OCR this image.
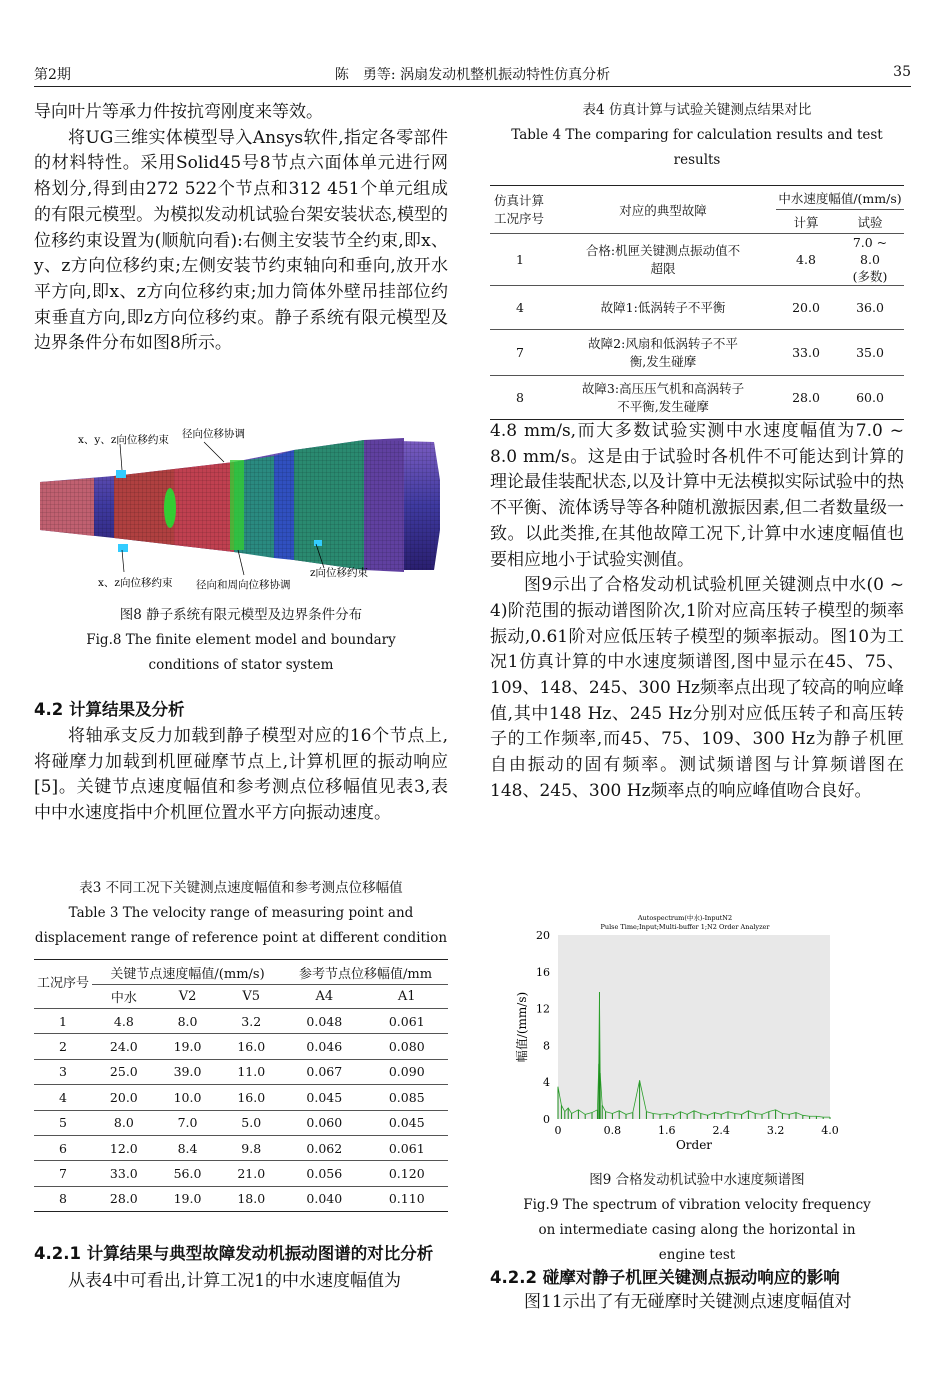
第2期	陈　勇等: 涡扇发动机整机振动特性仿真分析	35

导向叶片等承力件按抗弯刚度来等效。

将UG三维实体模型导入Ansys软件,指定各零部件的材料特性。采用Solid45号8节点六面体单元进行网格划分,得到由272 522个节点和312 451个单元组成的有限元模型。为模拟发动机试验台架安装状态,模型的位移约束设置为(顺航向看):右侧主安装节全约束,即x、y、z方向位移约束;左侧安装节约束轴向和垂向,放开水平方向,即x、z方向位移约束;加力筒体外壁吊挂部位约束垂直方向,即z方向位移约束。静子系统有限元模型及边界条件分布如图8所示。

x、y、z向位移约束 径向位移协调
x、z向位移约束 径向和周向位移协调
z向位移约束

图8 静子系统有限元模型及边界条件分布

Fig.8 The finite element model and boundary conditions of stator system

4.2 计算结果及分析

将轴承支反力加载到静子模型对应的16个节点上,将碰摩力加载到机匣碰摩节点上,计算机匣的振动响应[5]。关键节点速度幅值和参考测点位移幅值见表3,表中中水速度指中介机匣位置水平方向振动速度。

表3 不同工况下关键测点速度幅值和参考测点位移幅值

Table 3 The velocity range of measuring point and displacement range of reference point at different condition

工况序号	关键节点速度幅值/(mm/s)			参考节点位移幅值/mm	
	中水	V2	V5	A4	A1
1	4.8	8.0	3.2	0.048	0.061
2	24.0	19.0	16.0	0.046	0.080
3	25.0	39.0	11.0	0.067	0.090
4	20.0	10.0	16.0	0.045	0.085
5	8.0	7.0	5.0	0.060	0.045
6	12.0	8.4	9.8	0.062	0.061
7	33.0	56.0	21.0	0.056	0.120
8	28.0	19.0	18.0	0.040	0.110

4.2.1 计算结果与典型故障发动机振动图谱的对比分析

从表4中可看出,计算工况1的中水速度幅值为

表4 仿真计算与试验关键测点结果对比

Table 4 The comparing for calculation results and test results

仿真计算工况序号	对应的典型故障	中水速度幅值/(mm/s)	
		计算	试验
1	合格:机匣关键测点振动值不超限	4.8	7.0 ~ 8.0 (多数)
4	故障1:低涡转子不平衡	20.0	36.0
7	故障2:风扇和低涡转子不平衡,发生碰摩	33.0	35.0
8	故障3:高压压气机和高涡转子不平衡,发生碰摩	28.0	60.0

4.8 mm/s,而大多数试验实测中水速度幅值为7.0 ~ 8.0 mm/s。这是由于试验时各机件不可能达到计算的理论最佳装配状态,以及计算中无法模拟实际试验中的热不平衡、流体诱导等各种随机激振因素,但二者数量级一致。以此类推,在其他故障工况下,计算中水速度幅值也要相应地小于试验实测值。

图9示出了合格发动机试验机匣关键测点中水(0 ~ 4)阶范围的振动谱图阶次,1阶对应高压转子模型的频率振动,0.61阶对应低压转子模型的频率振动。图10为工况1仿真计算的中水速度频谱图,图中显示在45、75、109、148、245、300 Hz频率点出现了较高的响应峰值,其中148 Hz、245 Hz分别对应低压转子和高压转子的工作频率,而45、75、109、300 Hz为静子机匣自由振动的固有频率。测试频谱图与计算频谱图在148、245、300 Hz频率点的响应峰值吻合良好。

Autospectrum(中水)-InputN2
Pulse Time;Input;Multi-buffer 1;N2 Order Analyzer
0	0.8	1.6	2.4	3.2	4.0
0
4
8
12
16
20
Order
幅值/(mm/s)

图9 合格发动机试验中水速度频谱图

Fig.9 The spectrum of vibration velocity frequency on intermediate casing along the horizontal in engine test

4.2.2 碰摩对静子机匣关键测点振动响应的影响

图11示出了有无碰摩时关键测点速度幅值对
